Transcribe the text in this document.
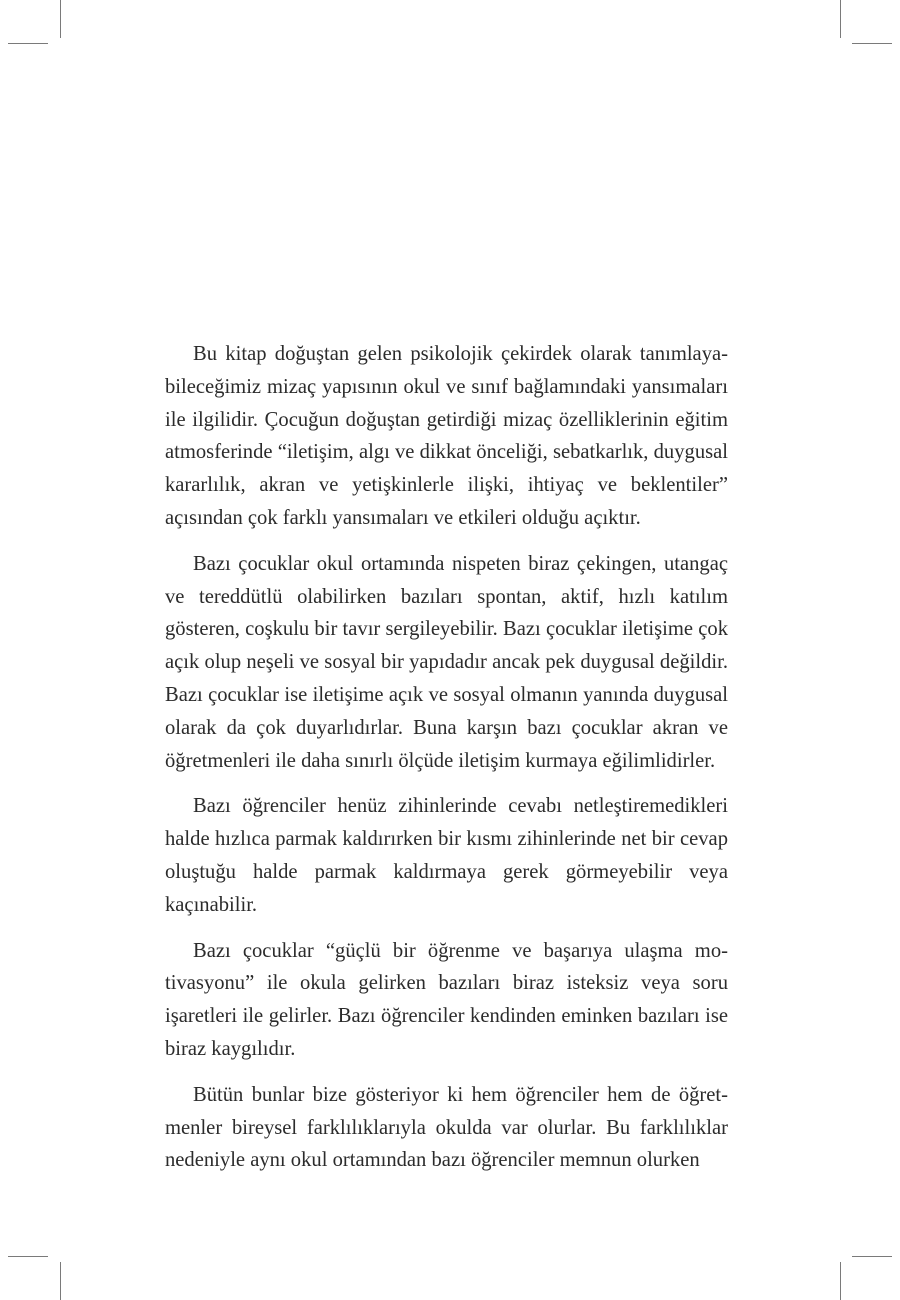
Bu kitap doğuştan gelen psikolojik çekirdek olarak tanımlayabileceğimiz mizaç yapısının okul ve sınıf bağlamındaki yansımaları ile ilgilidir. Çocuğun doğuştan getirdiği mizaç özelliklerinin eğitim atmosferinde “iletişim, algı ve dikkat önceliği, sebatkarlık, duygusal kararlılık, akran ve yetişkinlerle ilişki, ihtiyaç ve beklentiler” açısından çok farklı yansımaları ve etkileri olduğu açıktır.

Bazı çocuklar okul ortamında nispeten biraz çekingen, utangaç ve tereddütlü olabilirken bazıları spontan, aktif, hızlı katılım gösteren, coşkulu bir tavır sergileyebilir. Bazı çocuklar iletişime çok açık olup neşeli ve sosyal bir yapıdadır ancak pek duygusal değildir. Bazı çocuklar ise iletişime açık ve sosyal olmanın yanında duygusal olarak da çok duyarlıdırlar. Buna karşın bazı çocuklar akran ve öğretmenleri ile daha sınırlı ölçüde iletişim kurmaya eğilimlidirler.

Bazı öğrenciler henüz zihinlerinde cevabı netleştiremedikleri halde hızlıca parmak kaldırırken bir kısmı zihinlerinde net bir cevap oluştuğu halde parmak kaldırmaya gerek görmeyebilir veya kaçınabilir.

Bazı çocuklar “güçlü bir öğrenme ve başarıya ulaşma motivasyonu” ile okula gelirken bazıları biraz isteksiz veya soru işaretleri ile gelirler. Bazı öğrenciler kendinden eminken bazıları ise biraz kaygılıdır.

Bütün bunlar bize gösteriyor ki hem öğrenciler hem de öğretmenler bireysel farklılıklarıyla okulda var olurlar. Bu farklılıklar nedeniyle aynı okul ortamından bazı öğrenciler memnun olurken
